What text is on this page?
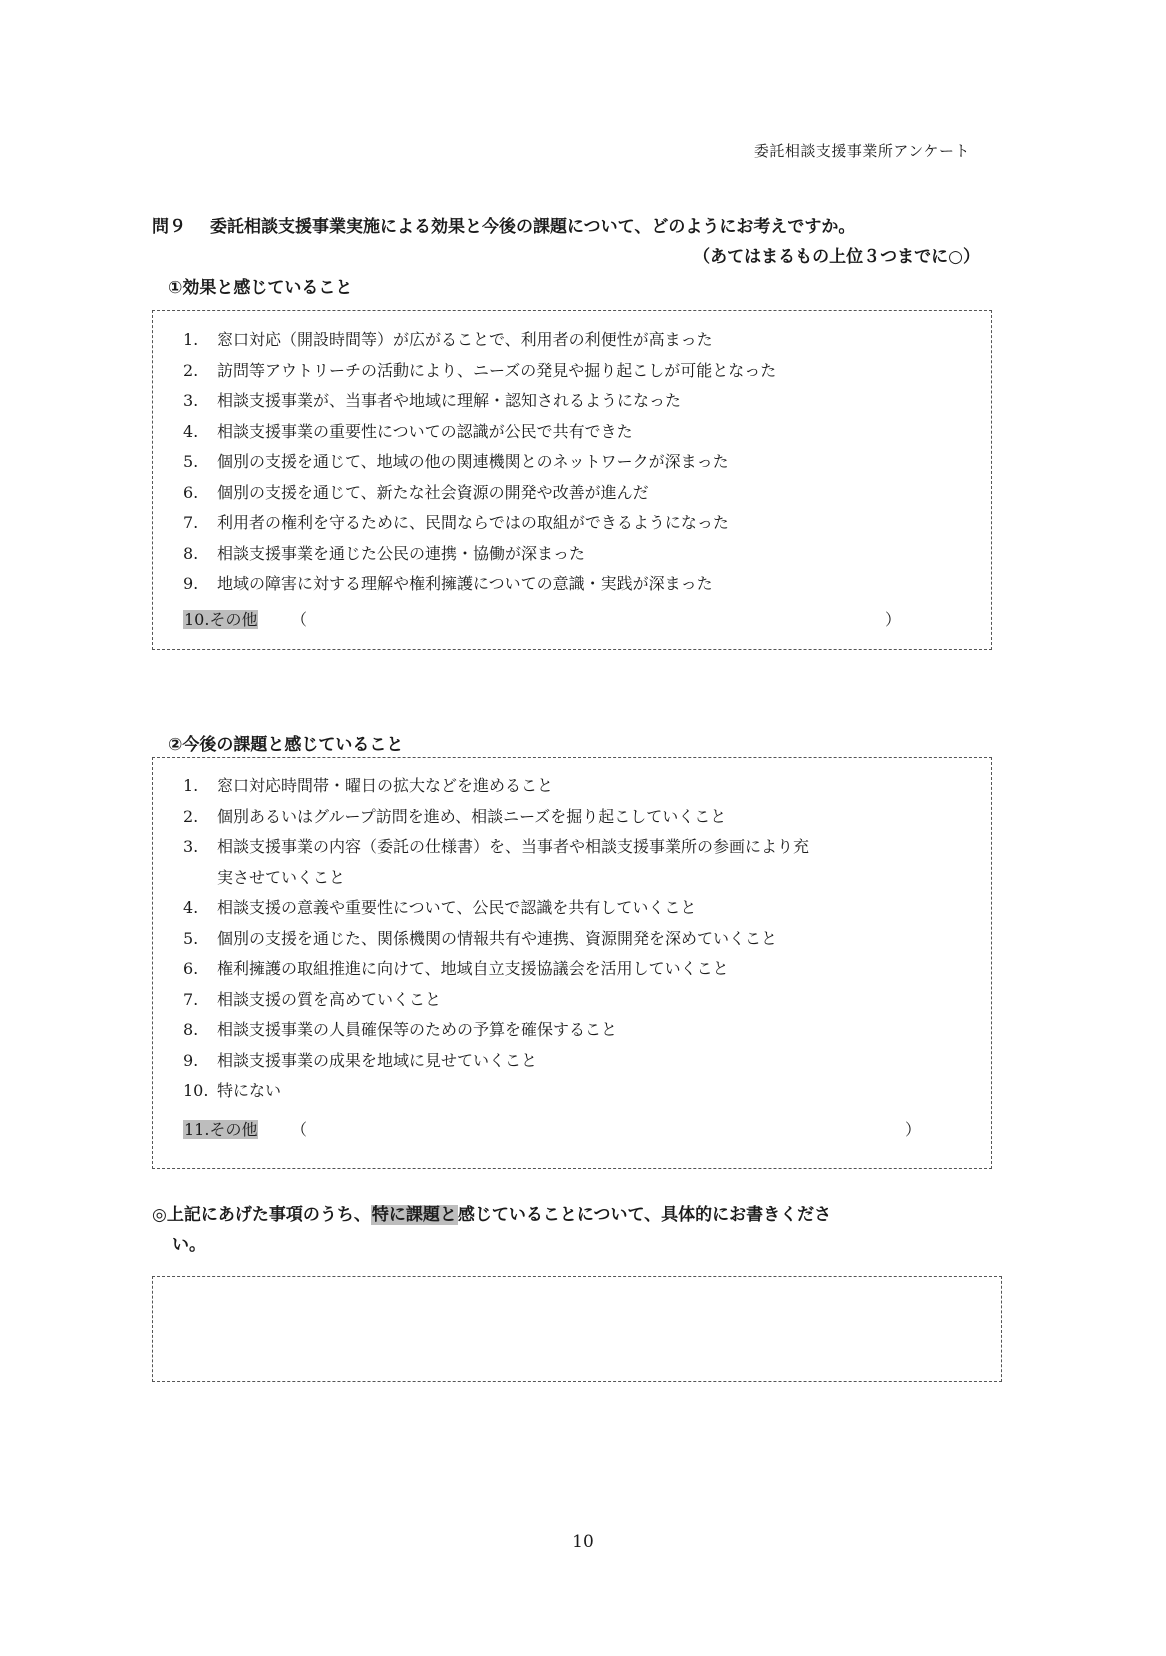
委託相談支援事業所アンケート
問９ 委託相談支援事業実施による効果と今後の課題について、どのようにお考えですか。
（あてはまるもの上位３つまでに○）
①効果と感じていること
1. 窓口対応（開設時間等）が広がることで、利用者の利便性が高まった
2. 訪問等アウトリーチの活動により、ニーズの発見や掘り起こしが可能となった
3. 相談支援事業が、当事者や地域に理解・認知されるようになった
4. 相談支援事業の重要性についての認識が公民で共有できた
5. 個別の支援を通じて、地域の他の関連機関とのネットワークが深まった
6. 個別の支援を通じて、新たな社会資源の開発や改善が進んだ
7. 利用者の権利を守るために、民間ならではの取組ができるようになった
8. 相談支援事業を通じた公民の連携・協働が深まった
9. 地域の障害に対する理解や権利擁護についての意識・実践が深まった
10.その他 （	）
②今後の課題と感じていること
1. 窓口対応時間帯・曜日の拡大などを進めること
2. 個別あるいはグループ訪問を進め、相談ニーズを掘り起こしていくこと
3. 相談支援事業の内容（委託の仕様書）を、当事者や相談支援事業所の参画により充
実させていくこと
4. 相談支援の意義や重要性について、公民で認識を共有していくこと
5. 個別の支援を通じた、関係機関の情報共有や連携、資源開発を深めていくこと
6. 権利擁護の取組推進に向けて、地域自立支援協議会を活用していくこと
7. 相談支援の質を高めていくこと
8. 相談支援事業の人員確保等のための予算を確保すること
9. 相談支援事業の成果を地域に見せていくこと
10. 特にない
11.その他 （	）
◎上記にあげた事項のうち、特に課題と感じていることについて、具体的にお書きくださ
い。
10
